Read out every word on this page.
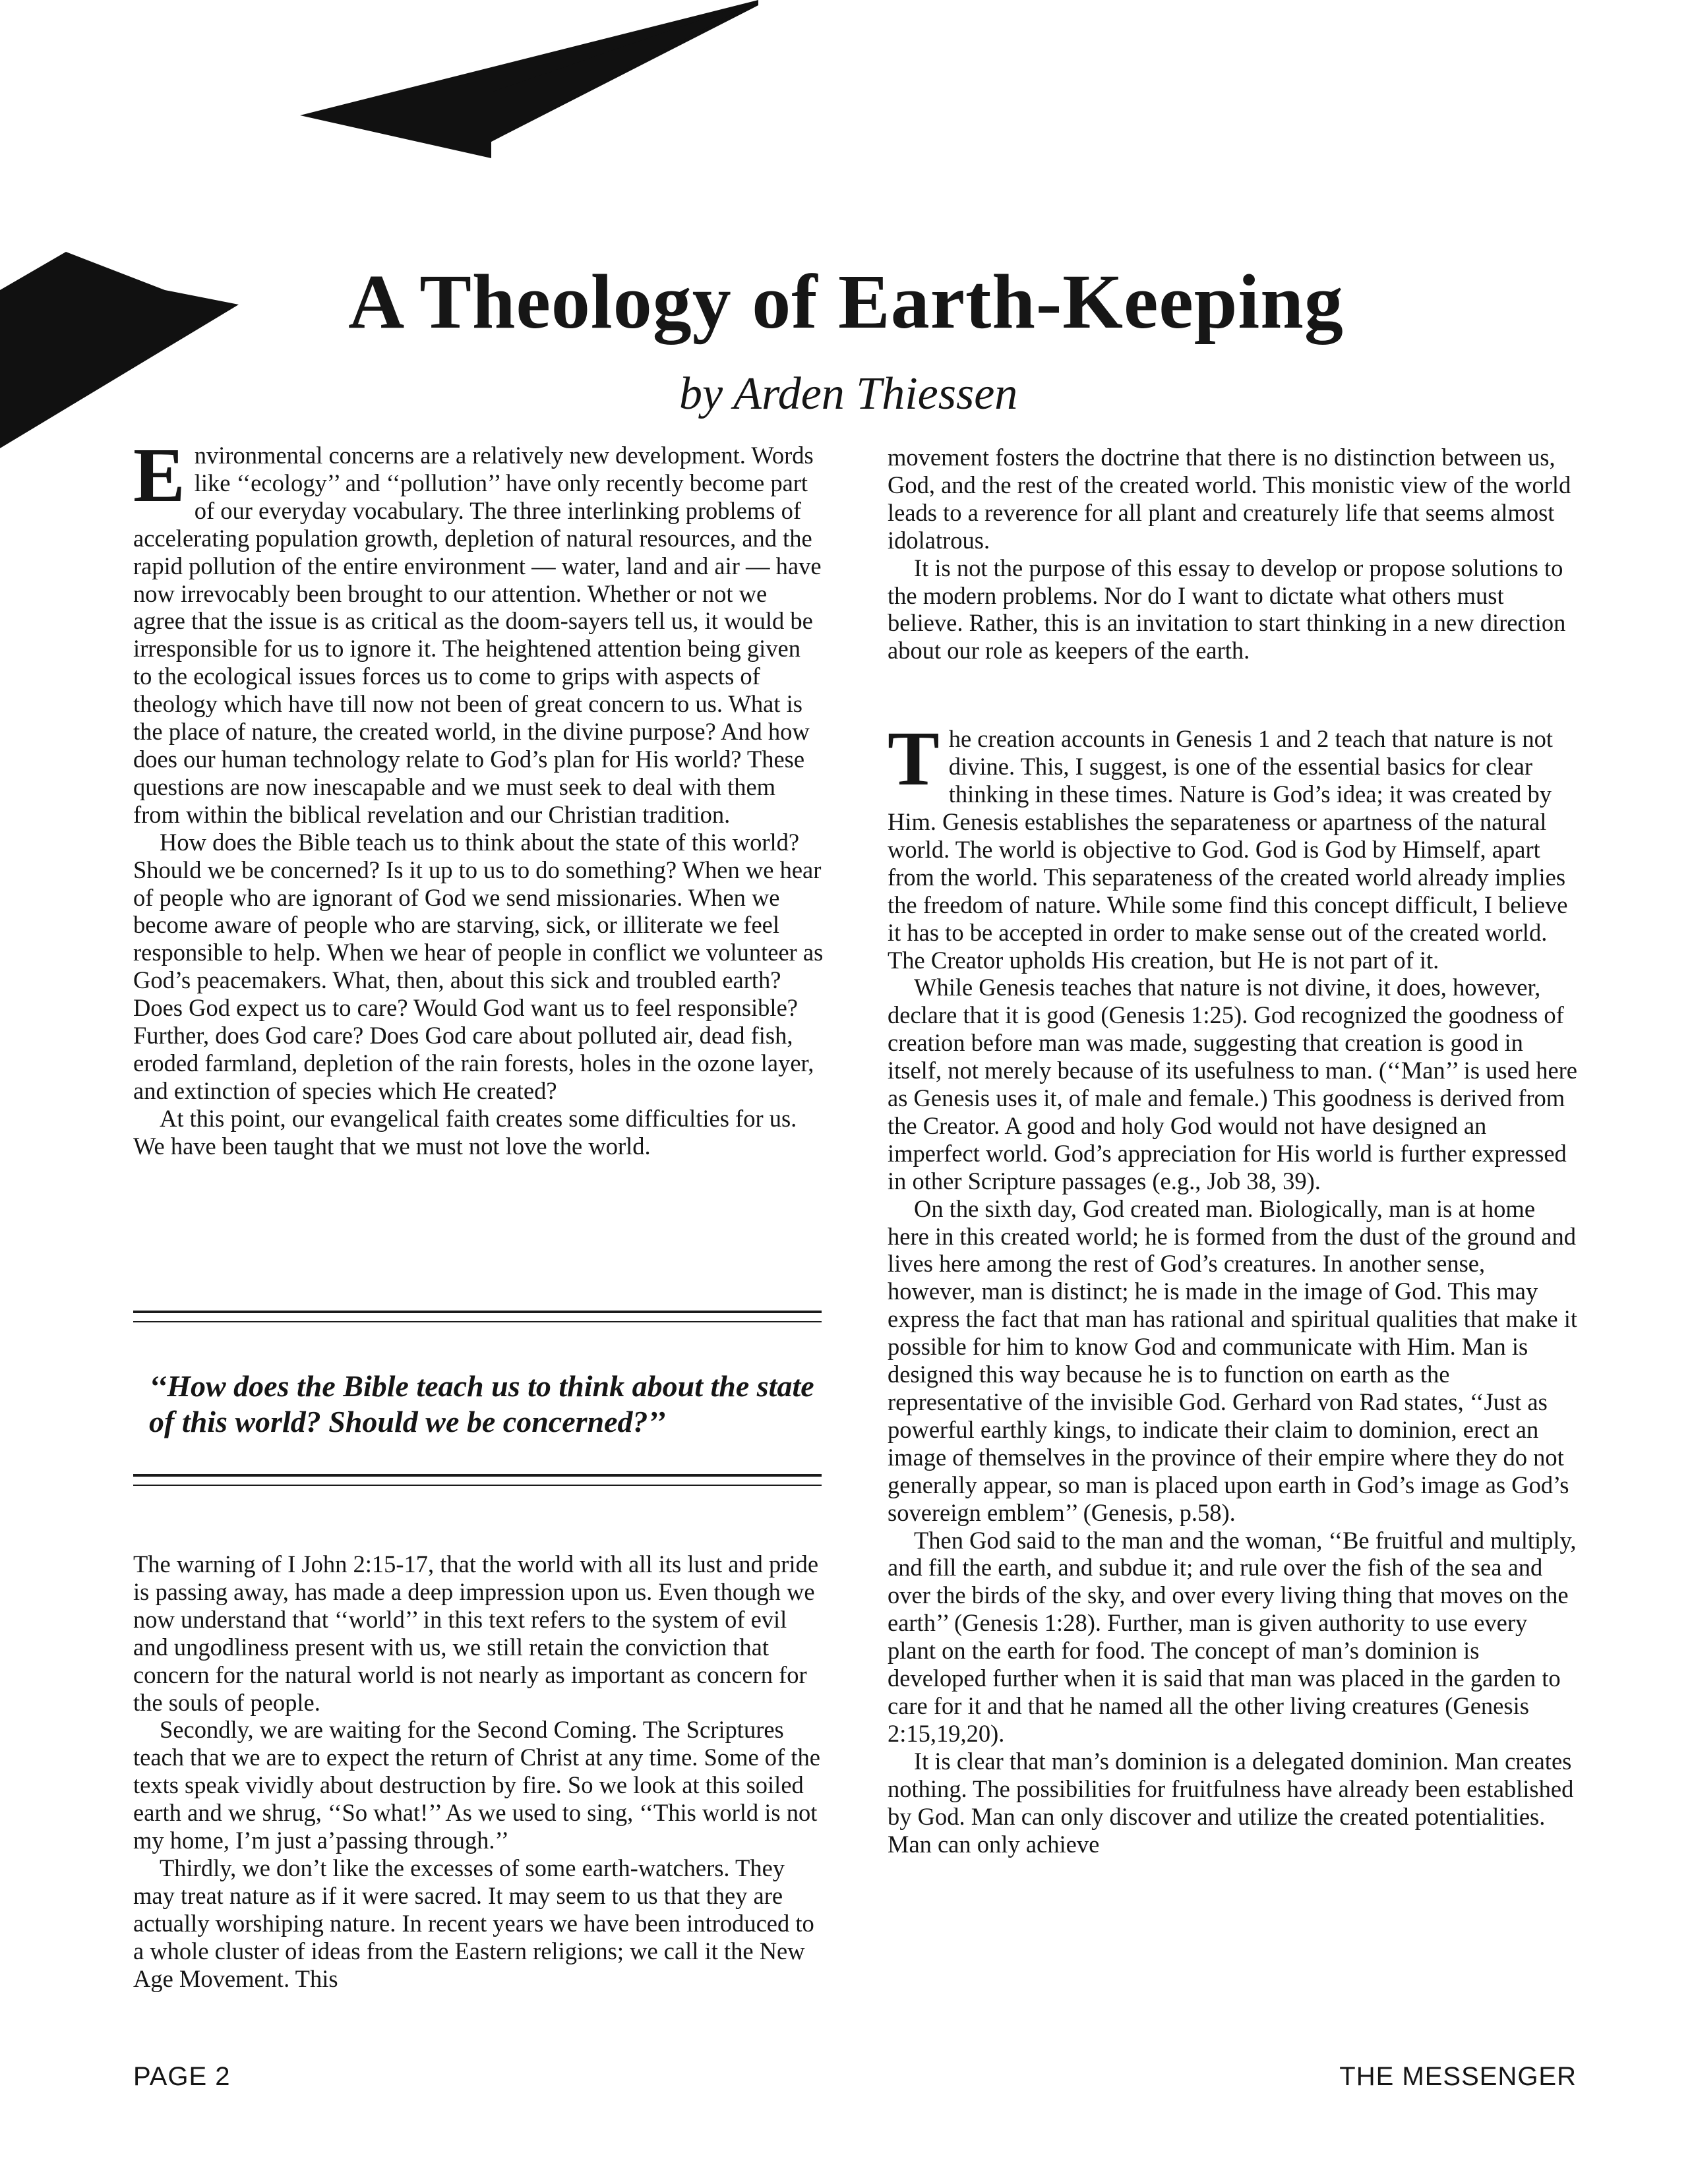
A Theology of Earth-Keeping
by Arden Thiessen

Environmental concerns are a relatively new development. Words like ‘‘ecology’’ and ‘‘pollution’’ have only recently become part of our everyday vocabulary. The three interlinking problems of accelerating population growth, depletion of natural resources, and the rapid pollution of the entire environment — water, land and air — have now irrevocably been brought to our attention. Whether or not we agree that the issue is as critical as the doom-sayers tell us, it would be irresponsible for us to ignore it. The heightened attention being given to the ecological issues forces us to come to grips with aspects of theology which have till now not been of great concern to us. What is the place of nature, the created world, in the divine purpose? And how does our human technology relate to God’s plan for His world? These questions are now inescapable and we must seek to deal with them from within the biblical revelation and our Christian tradition.

How does the Bible teach us to think about the state of this world? Should we be concerned? Is it up to us to do something? When we hear of people who are ignorant of God we send missionaries. When we become aware of people who are starving, sick, or illiterate we feel responsible to help. When we hear of people in conflict we volunteer as God’s peacemakers. What, then, about this sick and troubled earth? Does God expect us to care? Would God want us to feel responsible? Further, does God care? Does God care about polluted air, dead fish, eroded farmland, depletion of the rain forests, holes in the ozone layer, and extinction of species which He created?

At this point, our evangelical faith creates some difficulties for us. We have been taught that we must not love the world.

‘‘How does the Bible teach us to think about the state of this world? Should we be concerned?’’

The warning of I John 2:15-17, that the world with all its lust and pride is passing away, has made a deep impression upon us. Even though we now understand that ‘‘world’’ in this text refers to the system of evil and ungodliness present with us, we still retain the conviction that concern for the natural world is not nearly as important as concern for the souls of people.

Secondly, we are waiting for the Second Coming. The Scriptures teach that we are to expect the return of Christ at any time. Some of the texts speak vividly about destruction by fire. So we look at this soiled earth and we shrug, ‘‘So what!’’ As we used to sing, ‘‘This world is not my home, I’m just a’passing through.’’

Thirdly, we don’t like the excesses of some earth-watchers. They may treat nature as if it were sacred. It may seem to us that they are actually worshiping nature. In recent years we have been introduced to a whole cluster of ideas from the Eastern religions; we call it the New Age Movement. This

movement fosters the doctrine that there is no distinction between us, God, and the rest of the created world. This monistic view of the world leads to a reverence for all plant and creaturely life that seems almost idolatrous.

It is not the purpose of this essay to develop or propose solutions to the modern problems. Nor do I want to dictate what others must believe. Rather, this is an invitation to start thinking in a new direction about our role as keepers of the earth.

The creation accounts in Genesis 1 and 2 teach that nature is not divine. This, I suggest, is one of the essential basics for clear thinking in these times. Nature is God’s idea; it was created by Him. Genesis establishes the separateness or apartness of the natural world. The world is objective to God. God is God by Himself, apart from the world. This separateness of the created world already implies the freedom of nature. While some find this concept difficult, I believe it has to be accepted in order to make sense out of the created world. The Creator upholds His creation, but He is not part of it.

While Genesis teaches that nature is not divine, it does, however, declare that it is good (Genesis 1:25). God recognized the goodness of creation before man was made, suggesting that creation is good in itself, not merely because of its usefulness to man. (‘‘Man’’ is used here as Genesis uses it, of male and female.) This goodness is derived from the Creator. A good and holy God would not have designed an imperfect world. God’s appreciation for His world is further expressed in other Scripture passages (e.g., Job 38, 39).

On the sixth day, God created man. Biologically, man is at home here in this created world; he is formed from the dust of the ground and lives here among the rest of God’s creatures. In another sense, however, man is distinct; he is made in the image of God. This may express the fact that man has rational and spiritual qualities that make it possible for him to know God and communicate with Him. Man is designed this way because he is to function on earth as the representative of the invisible God. Gerhard von Rad states, ‘‘Just as powerful earthly kings, to indicate their claim to dominion, erect an image of themselves in the province of their empire where they do not generally appear, so man is placed upon earth in God’s image as God’s sovereign emblem’’ (Genesis, p.58).

Then God said to the man and the woman, ‘‘Be fruitful and multiply, and fill the earth, and subdue it; and rule over the fish of the sea and over the birds of the sky, and over every living thing that moves on the earth’’ (Genesis 1:28). Further, man is given authority to use every plant on the earth for food. The concept of man’s dominion is developed further when it is said that man was placed in the garden to care for it and that he named all the other living creatures (Genesis 2:15,19,20).

It is clear that man’s dominion is a delegated dominion. Man creates nothing. The possibilities for fruitfulness have already been established by God. Man can only discover and utilize the created potentialities. Man can only achieve

PAGE 2	THE MESSENGER
